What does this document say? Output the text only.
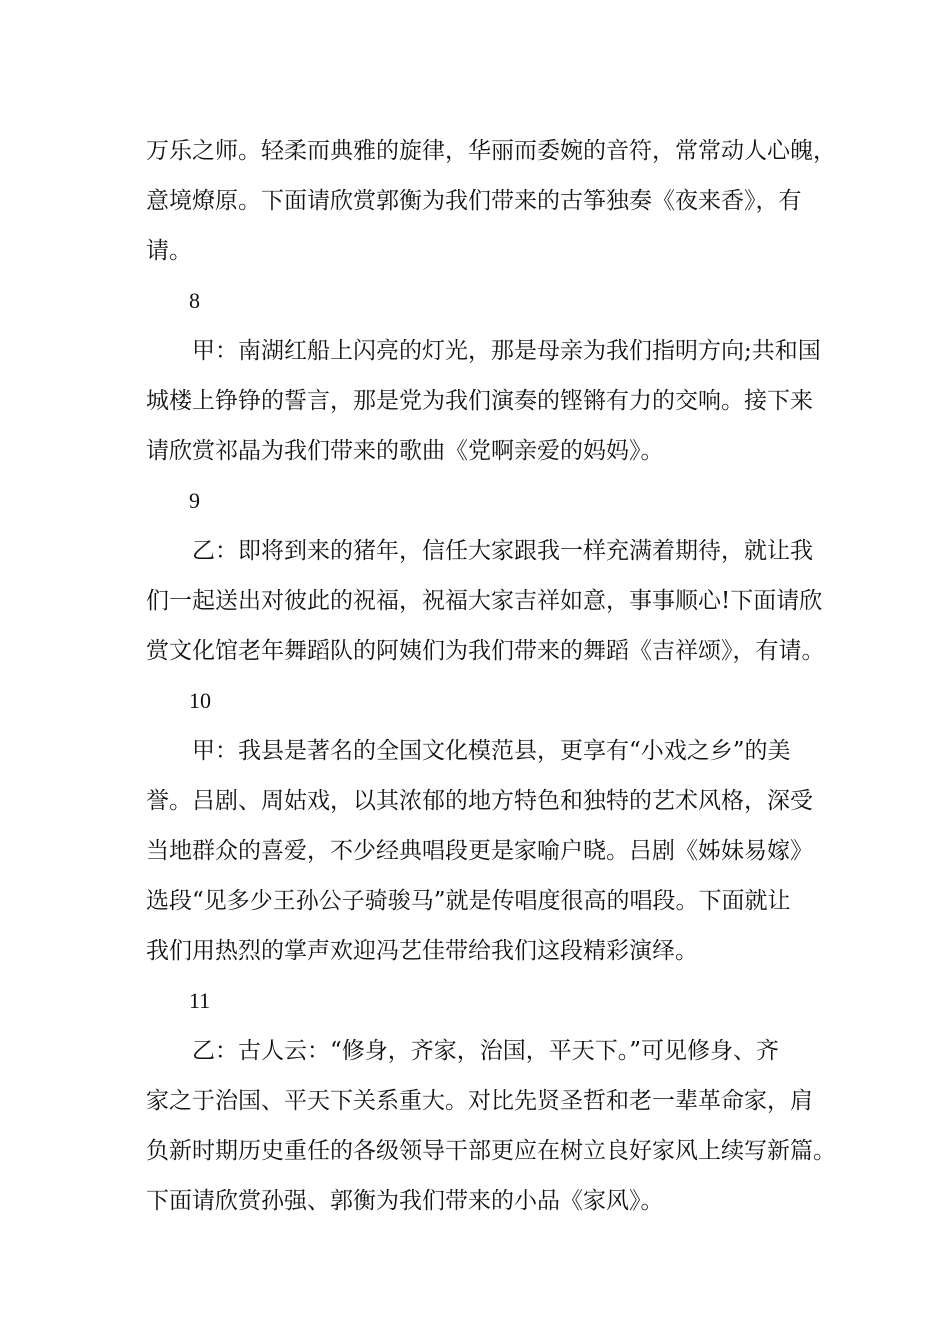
万乐之师。轻柔而典雅的旋律，华丽而委婉的音符，常常动人心魄，
意境燎原。下面请欣赏郭衡为我们带来的古筝独奏《夜来香》，有
请。
8
甲：南湖红船上闪亮的灯光，那是母亲为我们指明方向;共和国
城楼上铮铮的誓言，那是党为我们演奏的铿锵有力的交响。接下来
请欣赏祁晶为我们带来的歌曲《党啊亲爱的妈妈》。
9
乙：即将到来的猪年，信任大家跟我一样充满着期待，就让我
们一起送出对彼此的祝福，祝福大家吉祥如意，事事顺心!下面请欣
赏文化馆老年舞蹈队的阿姨们为我们带来的舞蹈《吉祥颂》，有请。
10
甲：我县是著名的全国文化模范县，更享有“小戏之乡”的美
誉。吕剧、周姑戏，以其浓郁的地方特色和独特的艺术风格，深受
当地群众的喜爱，不少经典唱段更是家喻户晓。吕剧《姊妹易嫁》
选段“见多少王孙公子骑骏马”就是传唱度很高的唱段。下面就让
我们用热烈的掌声欢迎冯艺佳带给我们这段精彩演绎。
11
乙：古人云：“修身，齐家，治国，平天下。”可见修身、齐
家之于治国、平天下关系重大。对比先贤圣哲和老一辈革命家，肩
负新时期历史重任的各级领导干部更应在树立良好家风上续写新篇。
下面请欣赏孙强、郭衡为我们带来的小品《家风》。
